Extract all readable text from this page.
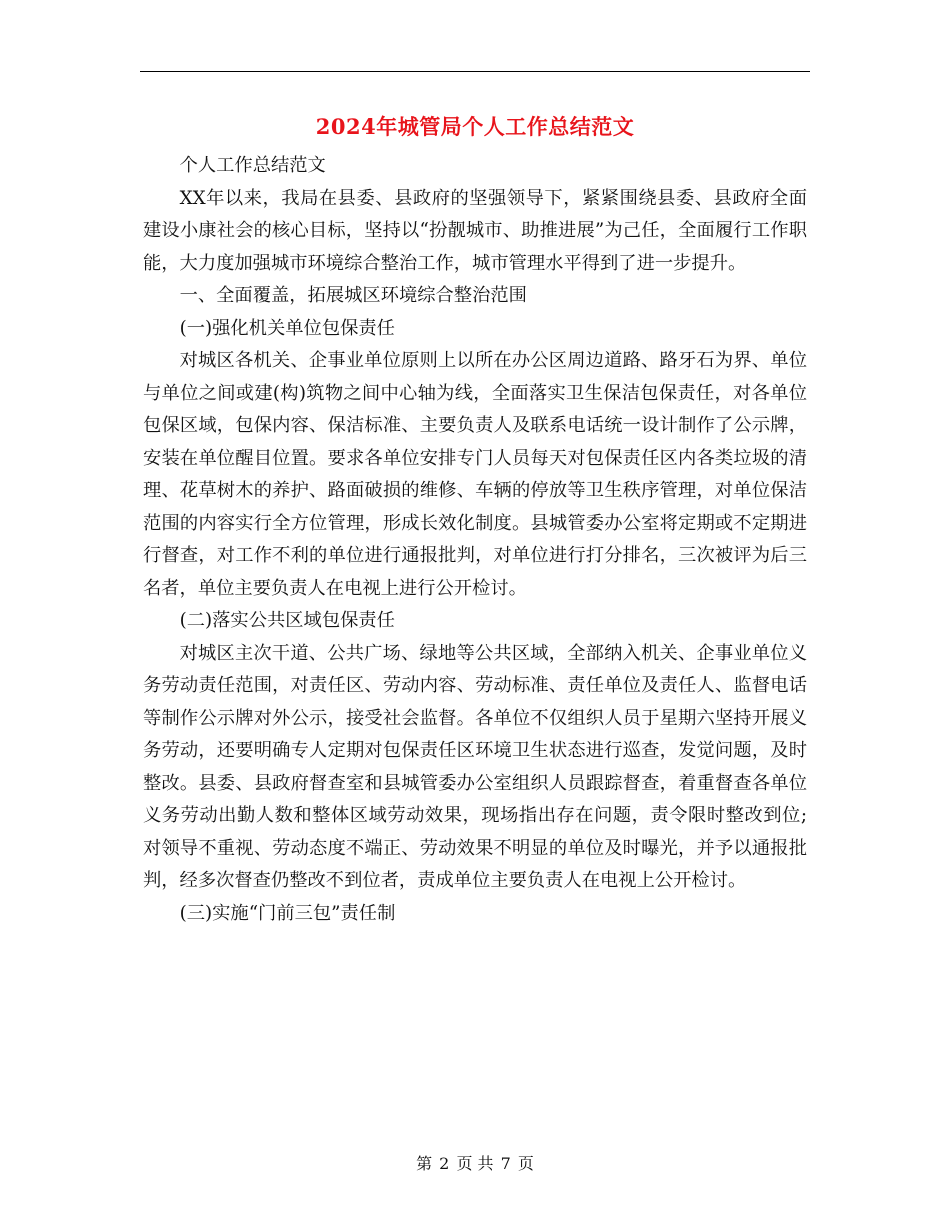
2024年城管局个人工作总结范文

个人工作总结范文

XX年以来，我局在县委、县政府的坚强领导下，紧紧围绕县委、县政府全面建设小康社会的核心目标，坚持以“扮靓城市、助推进展”为己任，全面履行工作职能，大力度加强城市环境综合整治工作，城市管理水平得到了进一步提升。

一、全面覆盖，拓展城区环境综合整治范围

(一)强化机关单位包保责任

对城区各机关、企事业单位原则上以所在办公区周边道路、路牙石为界、单位与单位之间或建(构)筑物之间中心轴为线，全面落实卫生保洁包保责任，对各单位包保区域，包保内容、保洁标准、主要负责人及联系电话统一设计制作了公示牌，安装在单位醒目位置。要求各单位安排专门人员每天对包保责任区内各类垃圾的清理、花草树木的养护、路面破损的维修、车辆的停放等卫生秩序管理，对单位保洁范围的内容实行全方位管理，形成长效化制度。县城管委办公室将定期或不定期进行督查，对工作不利的单位进行通报批判，对单位进行打分排名，三次被评为后三名者，单位主要负责人在电视上进行公开检讨。

(二)落实公共区域包保责任

对城区主次干道、公共广场、绿地等公共区域，全部纳入机关、企事业单位义务劳动责任范围，对责任区、劳动内容、劳动标准、责任单位及责任人、监督电话等制作公示牌对外公示，接受社会监督。各单位不仅组织人员于星期六坚持开展义务劳动，还要明确专人定期对包保责任区环境卫生状态进行巡查，发觉问题，及时整改。县委、县政府督查室和县城管委办公室组织人员跟踪督查，着重督查各单位义务劳动出勤人数和整体区域劳动效果，现场指出存在问题，责令限时整改到位;对领导不重视、劳动态度不端正、劳动效果不明显的单位及时曝光，并予以通报批判，经多次督查仍整改不到位者，责成单位主要负责人在电视上公开检讨。

(三)实施“门前三包”责任制

第 2 页 共 7 页
